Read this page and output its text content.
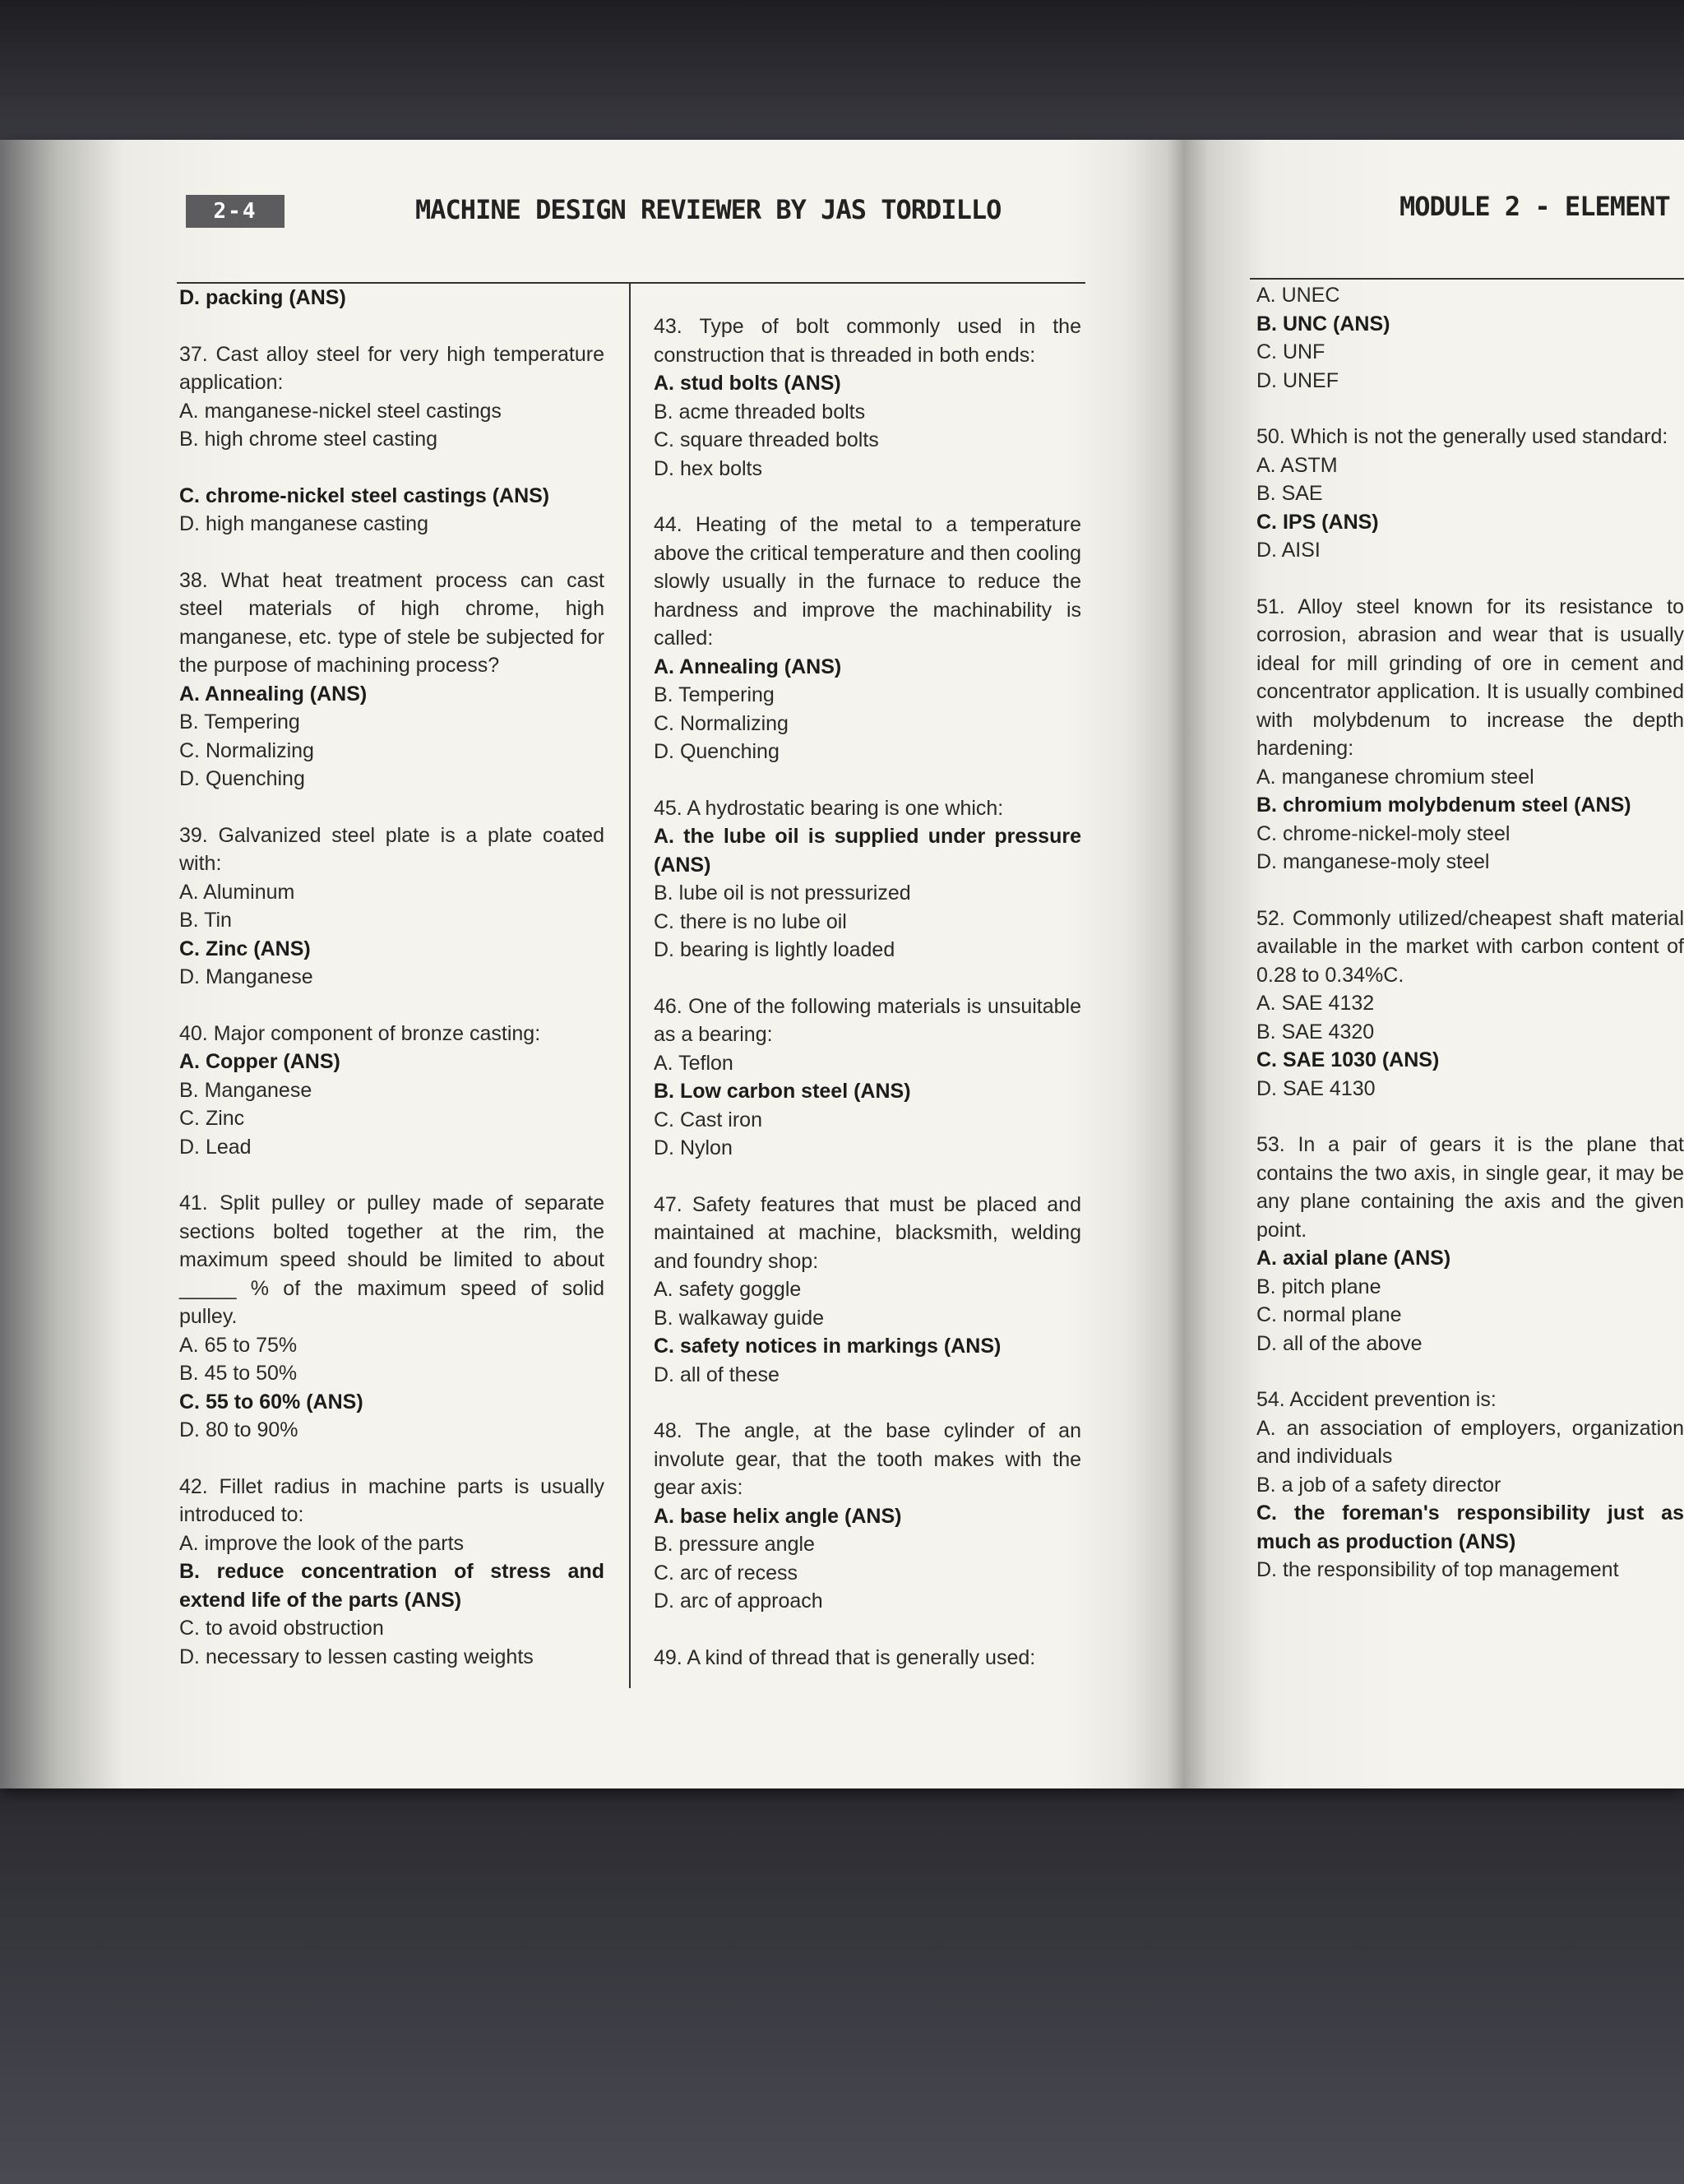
2-4	MACHINE DESIGN REVIEWER BY JAS TORDILLO	MODULE 2 - ELEMENT

D. packing (ANS)

37. Cast alloy steel for very high temperature application:

A. manganese-nickel steel castings

B. high chrome steel casting

C. chrome-nickel steel castings (ANS)

D. high manganese casting

38. What heat treatment process can cast steel materials of high chrome, high manganese, etc. type of stele be subjected for the purpose of machining process?

A. Annealing (ANS)

B. Tempering

C. Normalizing

D. Quenching

39. Galvanized steel plate is a plate coated with:

A. Aluminum

B. Tin

C. Zinc (ANS)

D. Manganese

40. Major component of bronze casting:

A. Copper (ANS)

B. Manganese

C. Zinc

D. Lead

41. Split pulley or pulley made of separate sections bolted together at the rim, the maximum speed should be limited to about _____ % of the maximum speed of solid pulley.

A. 65 to 75%

B. 45 to 50%

C. 55 to 60% (ANS)

D. 80 to 90%

42. Fillet radius in machine parts is usually introduced to:

A. improve the look of the parts

B. reduce concentration of stress and extend life of the parts (ANS)

C. to avoid obstruction

D. necessary to lessen casting weights

43. Type of bolt commonly used in the construction that is threaded in both ends:

A. stud bolts (ANS)

B. acme threaded bolts

C. square threaded bolts

D. hex bolts

44. Heating of the metal to a temperature above the critical temperature and then cooling slowly usually in the furnace to reduce the hardness and improve the machinability is called:

A. Annealing (ANS)

B. Tempering

C. Normalizing

D. Quenching

45. A hydrostatic bearing is one which:

A. the lube oil is supplied under pressure (ANS)

B. lube oil is not pressurized

C. there is no lube oil

D. bearing is lightly loaded

46. One of the following materials is unsuitable as a bearing:

A. Teflon

B. Low carbon steel (ANS)

C. Cast iron

D. Nylon

47. Safety features that must be placed and maintained at machine, blacksmith, welding and foundry shop:

A. safety goggle

B. walkaway guide

C. safety notices in markings (ANS)

D. all of these

48. The angle, at the base cylinder of an involute gear, that the tooth makes with the gear axis:

A. base helix angle (ANS)

B. pressure angle

C. arc of recess

D. arc of approach

49. A kind of thread that is generally used:

A. UNEC

B. UNC (ANS)

C. UNF

D. UNEF

50. Which is not the generally used standard:

A. ASTM

B. SAE

C. IPS (ANS)

D. AISI

51. Alloy steel known for its resistance to corrosion, abrasion and wear that is usually ideal for mill grinding of ore in cement and concentrator application. It is usually combined with molybdenum to increase the depth hardening:

A. manganese chromium steel

B. chromium molybdenum steel (ANS)

C. chrome-nickel-moly steel

D. manganese-moly steel

52. Commonly utilized/cheapest shaft material available in the market with carbon content of 0.28 to 0.34%C.

A. SAE 4132

B. SAE 4320

C. SAE 1030 (ANS)

D. SAE 4130

53. In a pair of gears it is the plane that contains the two axis, in single gear, it may be any plane containing the axis and the given point.

A. axial plane (ANS)

B. pitch plane

C. normal plane

D. all of the above

54. Accident prevention is:

A. an association of employers, organization and individuals

B. a job of a safety director

C. the foreman's responsibility just as much as production (ANS)

D. the responsibility of top management
